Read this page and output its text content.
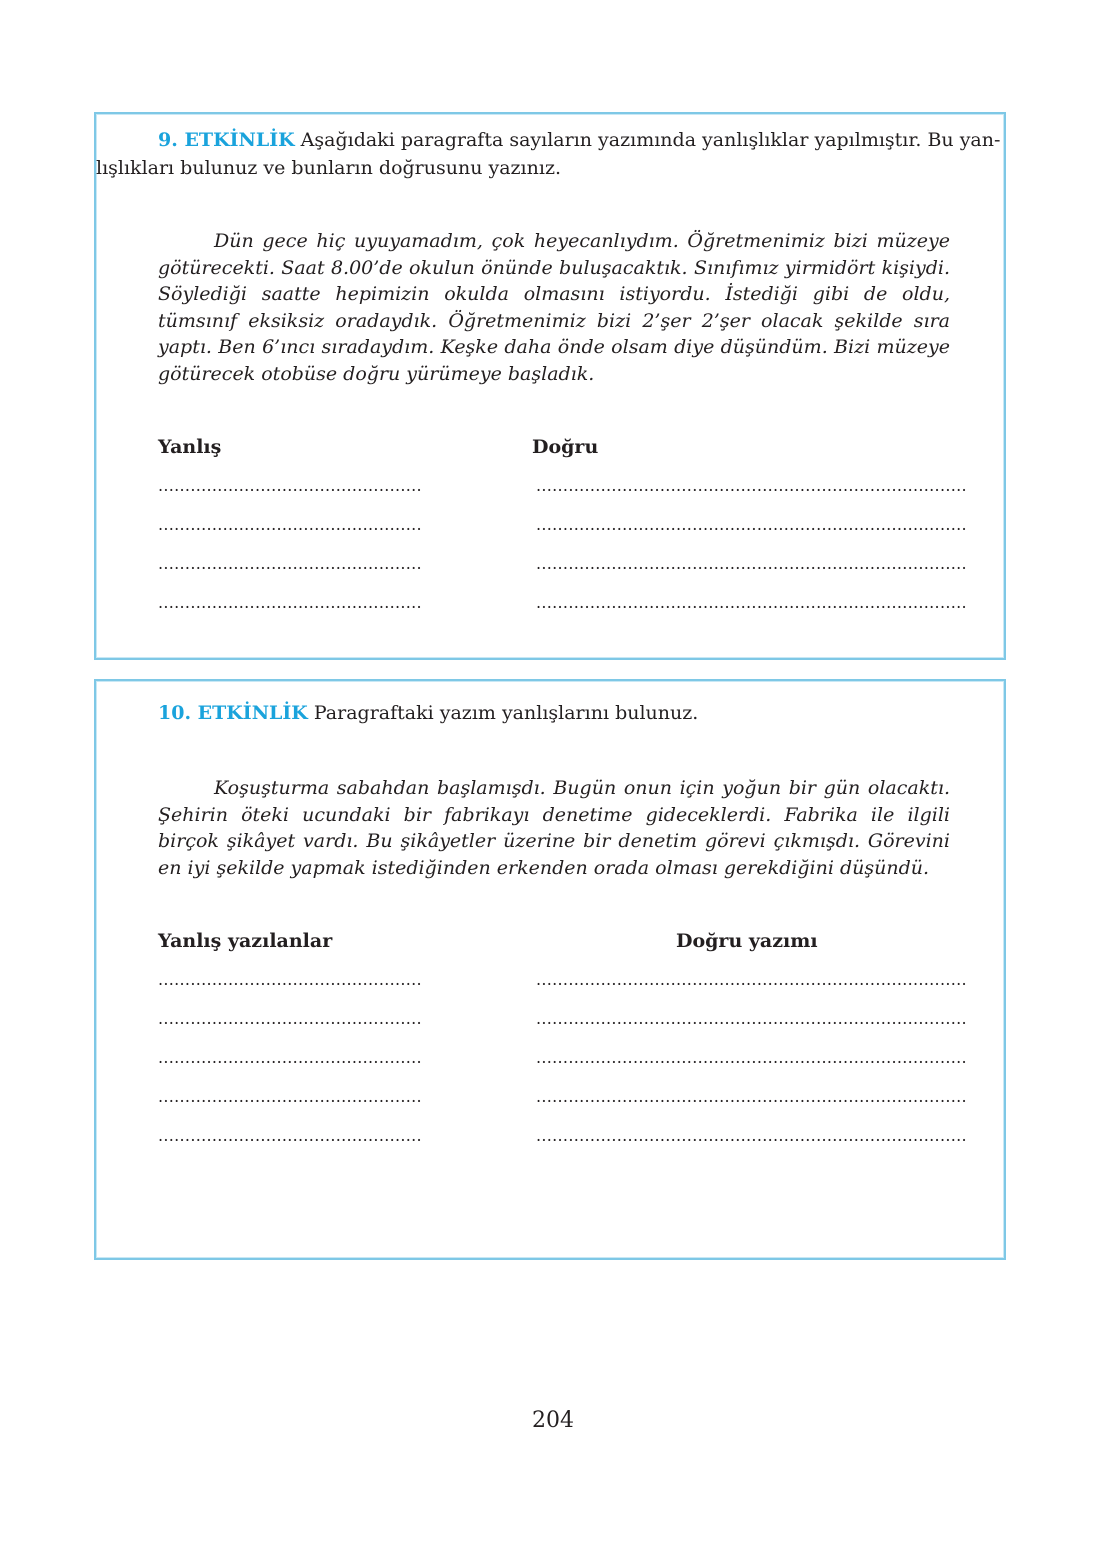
9. ETKİNLİK Aşağıdaki paragrafta sayıların yazımında yanlışlıklar yapılmıştır. Bu yan-
lışlıkları bulunuz ve bunların doğrusunu yazınız.

Dün gece hiç uyuyamadım, çok heyecanlıydım. Öğretmenimiz bizi müzeye götürecekti. Saat 8.00’de okulun önünde buluşacaktık. Sınıfımız yirmidört kişiydi. Söylediği saatte hepimizin okulda olmasını istiyordu. İstediği gibi de oldu, tümsınıf eksiksiz oradaydık. Öğretmenimiz bizi 2’şer 2’şer olacak şekilde sıra yaptı. Ben 6’ıncı sıradaydım. Keşke daha önde olsam diye düşündüm. Bizi müzeye götürecek otobüse doğru yürümeye başladık.

Yanlış	Doğru
.................................................	................................................................................
.................................................	................................................................................
.................................................	................................................................................
.................................................	................................................................................
10. ETKİNLİK Paragraftaki yazım yanlışlarını bulunuz.

Koşuşturma sabahdan başlamışdı. Bugün onun için yoğun bir gün olacaktı. Şehirin öteki ucundaki bir fabrikayı denetime gideceklerdi. Fabrika ile ilgili birçok şikâyet vardı. Bu şikâyetler üzerine bir denetim görevi çıkmışdı. Görevini en iyi şekilde yapmak istediğinden erkenden orada olması gerekdiğini düşündü.

Yanlış yazılanlar	Doğru yazımı
.................................................	................................................................................
.................................................	................................................................................
.................................................	................................................................................
.................................................	................................................................................
.................................................	................................................................................
204
